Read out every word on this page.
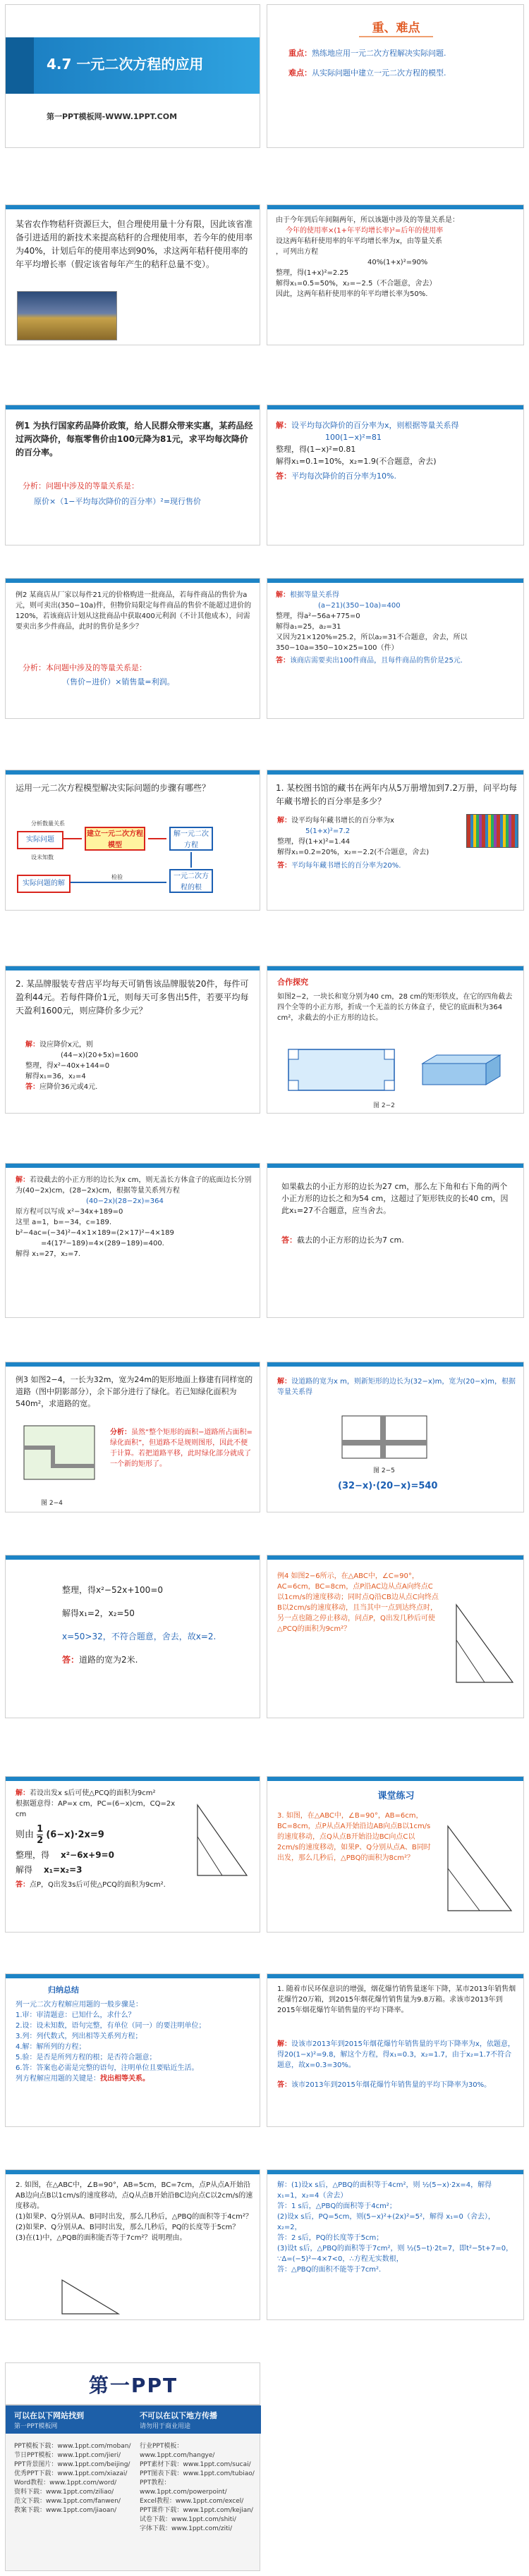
4.7 一元二次方程的应用
第一PPT模板网-WWW.1PPT.COM
重、难点
重点：熟练地应用一元二次方程解决实际问题.
难点：从实际问题中建立一元二次方程的模型.
某省农作物秸秆资源巨大，但合理使用量十分有限，因此该省准备引进适用的新技术来提高秸秆的合理使用率，若今年的使用率为40%，计划后年的使用率达到90%，求这两年秸秆使用率的年平均增长率（假定该省每年产生的秸秆总量不变）。
由于今年到后年间隔两年，所以该题中涉及的等量关系是：
今年的使用率×(1+年平均增长率)²=后年的使用率
设这两年秸秆使用率的年平均增长率为x，由等量关系
，可列出方程
40%(1+x)²=90%
整理，得(1+x)²=2.25
解得x₁=0.5=50%，x₂=−2.5（不合题意，舍去）
因此，这两年秸秆使用率的年平均增长率为50%.
例1 为执行国家药品降价政策，给人民群众带来实惠，某药品经过两次降价，每瓶零售价由100元降为81元，求平均每次降价的百分率。
分析：问题中涉及的等量关系是：
原价×（1−平均每次降价的百分率）²=现行售价
解：设平均每次降价的百分率为x，则根据等量关系得
100(1−x)²=81
整理，得(1−x)²=0.81
解得x₁=0.1=10%，x₂=1.9(不合题意，舍去)
答：平均每次降价的百分率为10%.
例2 某商店从厂家以每件21元的价格购进一批商品，若每件商品的售价为a元，则可卖出(350−10a)件，但物价局限定每件商品的售价不能超过进价的120%，若该商店计划从这批商品中获取400元利润（不计其他成本），问需要卖出多少件商品，此时的售价是多少？
分析：本问题中涉及的等量关系是：
（售价−进价）×销售量=利润。
解：根据等量关系得
(a−21)(350−10a)=400
整理，得a²−56a+775=0
解得a₁=25，a₂=31
又因为21×120%=25.2，所以a₂=31不合题意，舍去，所以350−10a=350−10×25=100（件）
答：该商店需要卖出100件商品，且每件商品的售价是25元.
运用一元二次方程模型解决实际问题的步骤有哪些？
实际问题
建立一元二次方程模型
解一元二次方程
一元二次方程的根
实际问题的解
分析数量关系
设未知数
检验
1. 某校图书馆的藏书在两年内从5万册增加到7.2万册，问平均每年藏书增长的百分率是多少？
解：设平均每年藏书增长的百分率为x
5(1+x)²=7.2
整理，得(1+x)²=1.44
解得x₁=0.2=20%，x₂=−2.2(不合题意，舍去)
答：平均每年藏书增长的百分率为20%.
2. 某品牌服装专营店平均每天可销售该品牌服装20件，每件可盈利44元。若每件降价1元，则每天可多售出5件，若要平均每天盈利1600元，则应降价多少元？
解：设应降价x元，则
(44−x)(20+5x)=1600
整理，得x²−40x+144=0
解得x₁=36，x₂=4
答：应降价36元或4元.
合作探究
如图2−2，一块长和宽分别为40 cm，28 cm的矩形铁皮，在它的四角截去四个全等的小正方形，折成一个无盖的长方体盒子，使它的底面积为364 cm²，求截去的小正方形的边长。
图 2−2
解：若设截去的小正方形的边长为x cm，则无盖长方体盒子的底面边长分别为(40−2x)cm，(28−2x)cm，根据等量关系列方程
(40−2x)(28−2x)=364
原方程可以写成 x²−34x+189=0
这里 a=1，b=−34，c=189.
b²−4ac=(−34)²−4×1×189=(2×17)²−4×189
=4(17²−189)=4×(289−189)=400.
解得 x₁=27，x₂=7.
如果截去的小正方形的边长为27 cm，那么左下角和右下角的两个小正方形的边长之和为54 cm，这超过了矩形铁皮的长40 cm，因此x₁=27不合题意，应当舍去。
答：截去的小正方形的边长为7 cm.
例3 如图2−4，一长为32m，宽为24m的矩形地面上修建有同样宽的道路（图中阴影部分），余下部分进行了绿化。若已知绿化面积为540m²，求道路的宽。
图 2−4
分析：虽然“整个矩形的面积−道路所占面积=绿化面积”，但道路不是规则图形，因此不便于计算。若把道路平移，此时绿化部分就成了一个新的矩形了。
解：设道路的宽为x m，则新矩形的边长为(32−x)m，宽为(20−x)m，根据等量关系得
图 2−5
(32−x)·(20−x)=540
整理，得x²−52x+100=0
解得x₁=2，x₂=50
x=50>32，不符合题意，舍去，故x=2.
答：道路的宽为2米.
例4 如图2−6所示，在△ABC中，∠C=90°，AC=6cm，BC=8cm，点P沿AC边从点A向终点C以1cm/s的速度移动；同时点Q沿CB边从点C向终点B以2cm/s的速度移动，且当其中一点到达终点时，另一点也随之停止移动，问点P，Q出发几秒后可使△PCQ的面积为9cm²？
解：若设出发x s后可使△PCQ的面积为9cm²
根据题意得：AP=x cm，PC=(6−x)cm，CQ=2x cm
则由 $\frac{1}{2} (6-x)\cdot 2x=9$
整理，得 x²−6x+9=0
解得 x₁=x₂=3
答：点P，Q出发3s后可使△PCQ的面积为9cm².
课堂练习
3. 如图，在△ABC中，∠B=90°，AB=6cm，BC=8cm，点P从点A开始沿边AB向点B以1cm/s的速度移动，点Q从点B开始沿边BC向点C以2cm/s的速度移动，如果P、Q分别从点A、B同时出发，那么几秒后，△PBQ的面积为8cm²？
归纳总结
列一元二次方程解应用题的一般步骤是：
1.审：审清题意：已知什么，求什么？
2.设：设未知数，语句完整，有单位（同一）的要注明单位；
3.列：列代数式，列出相等关系列方程；
4.解：解所列的方程；
5.验：是否是所列方程的根；是否符合题意；
6.答：答案也必需是完整的语句，注明单位且要贴近生活。
列方程解应用题的关键是：找出相等关系。
1. 随着市民环保意识的增强，烟花爆竹销售量逐年下降，某市2013年销售烟花爆竹20万箱，到2015年烟花爆竹销售量为9.8万箱。求该市2013年到2015年烟花爆竹年销售量的平均下降率。
解：设该市2013年到2015年烟花爆竹年销售量的平均下降率为x，依题意，得20(1−x)²=9.8，解这个方程，得x₁=0.3，x₂=1.7，由于x₂=1.7不符合题意，故x=0.3=30%。
答：该市2013年到2015年烟花爆竹年销售量的平均下降率为30%。
2. 如图，在△ABC中，∠B=90°，AB=5cm，BC=7cm，点P从点A开始沿AB边向点B以1cm/s的速度移动，点Q从点B开始沿BC边向点C以2cm/s的速度移动。
(1)如果P、Q分别从A、B同时出发，那么几秒后，△PBQ的面积等于4cm²？
(2)如果P、Q分别从A、B同时出发，那么几秒后，PQ的长度等于5cm？
(3)在(1)中，△PQB的面积能否等于7cm²？说明理由。
解：(1)设x s后，△PBQ的面积等于4cm²，则 ½(5−x)·2x=4，解得 x₁=1，x₂=4（舍去）
答：1 s后，△PBQ的面积等于4cm²；
(2)设x s后，PQ=5cm，则(5−x)²+(2x)²=5²，解得 x₁=0（舍去），x₂=2，
答：2 s后，PQ的长度等于5cm；
(3)设t s后，△PBQ的面积等于7cm²，则 ½(5−t)·2t=7，即t²−5t+7=0，∵Δ=(−5)²−4×7<0，∴方程无实数根，
答：△PBQ的面积不能等于7cm².
第一PPT
可以在以下网站找到
第一PPT模板网
不可以在以下地方传播
请勿用于商业用途
PPT模板下载：www.1ppt.com/moban/
节日PPT模板：www.1ppt.com/jieri/
PPT背景图片：www.1ppt.com/beijing/
优秀PPT下载：www.1ppt.com/xiazai/
Word教程：www.1ppt.com/word/
资料下载：www.1ppt.com/ziliao/
范文下载：www.1ppt.com/fanwen/
教案下载：www.1ppt.com/jiaoan/
行业PPT模板：www.1ppt.com/hangye/
PPT素材下载：www.1ppt.com/sucai/
PPT图表下载：www.1ppt.com/tubiao/
PPT教程：www.1ppt.com/powerpoint/
Excel教程：www.1ppt.com/excel/
PPT课件下载：www.1ppt.com/kejian/
试卷下载：www.1ppt.com/shiti/
字体下载：www.1ppt.com/ziti/
